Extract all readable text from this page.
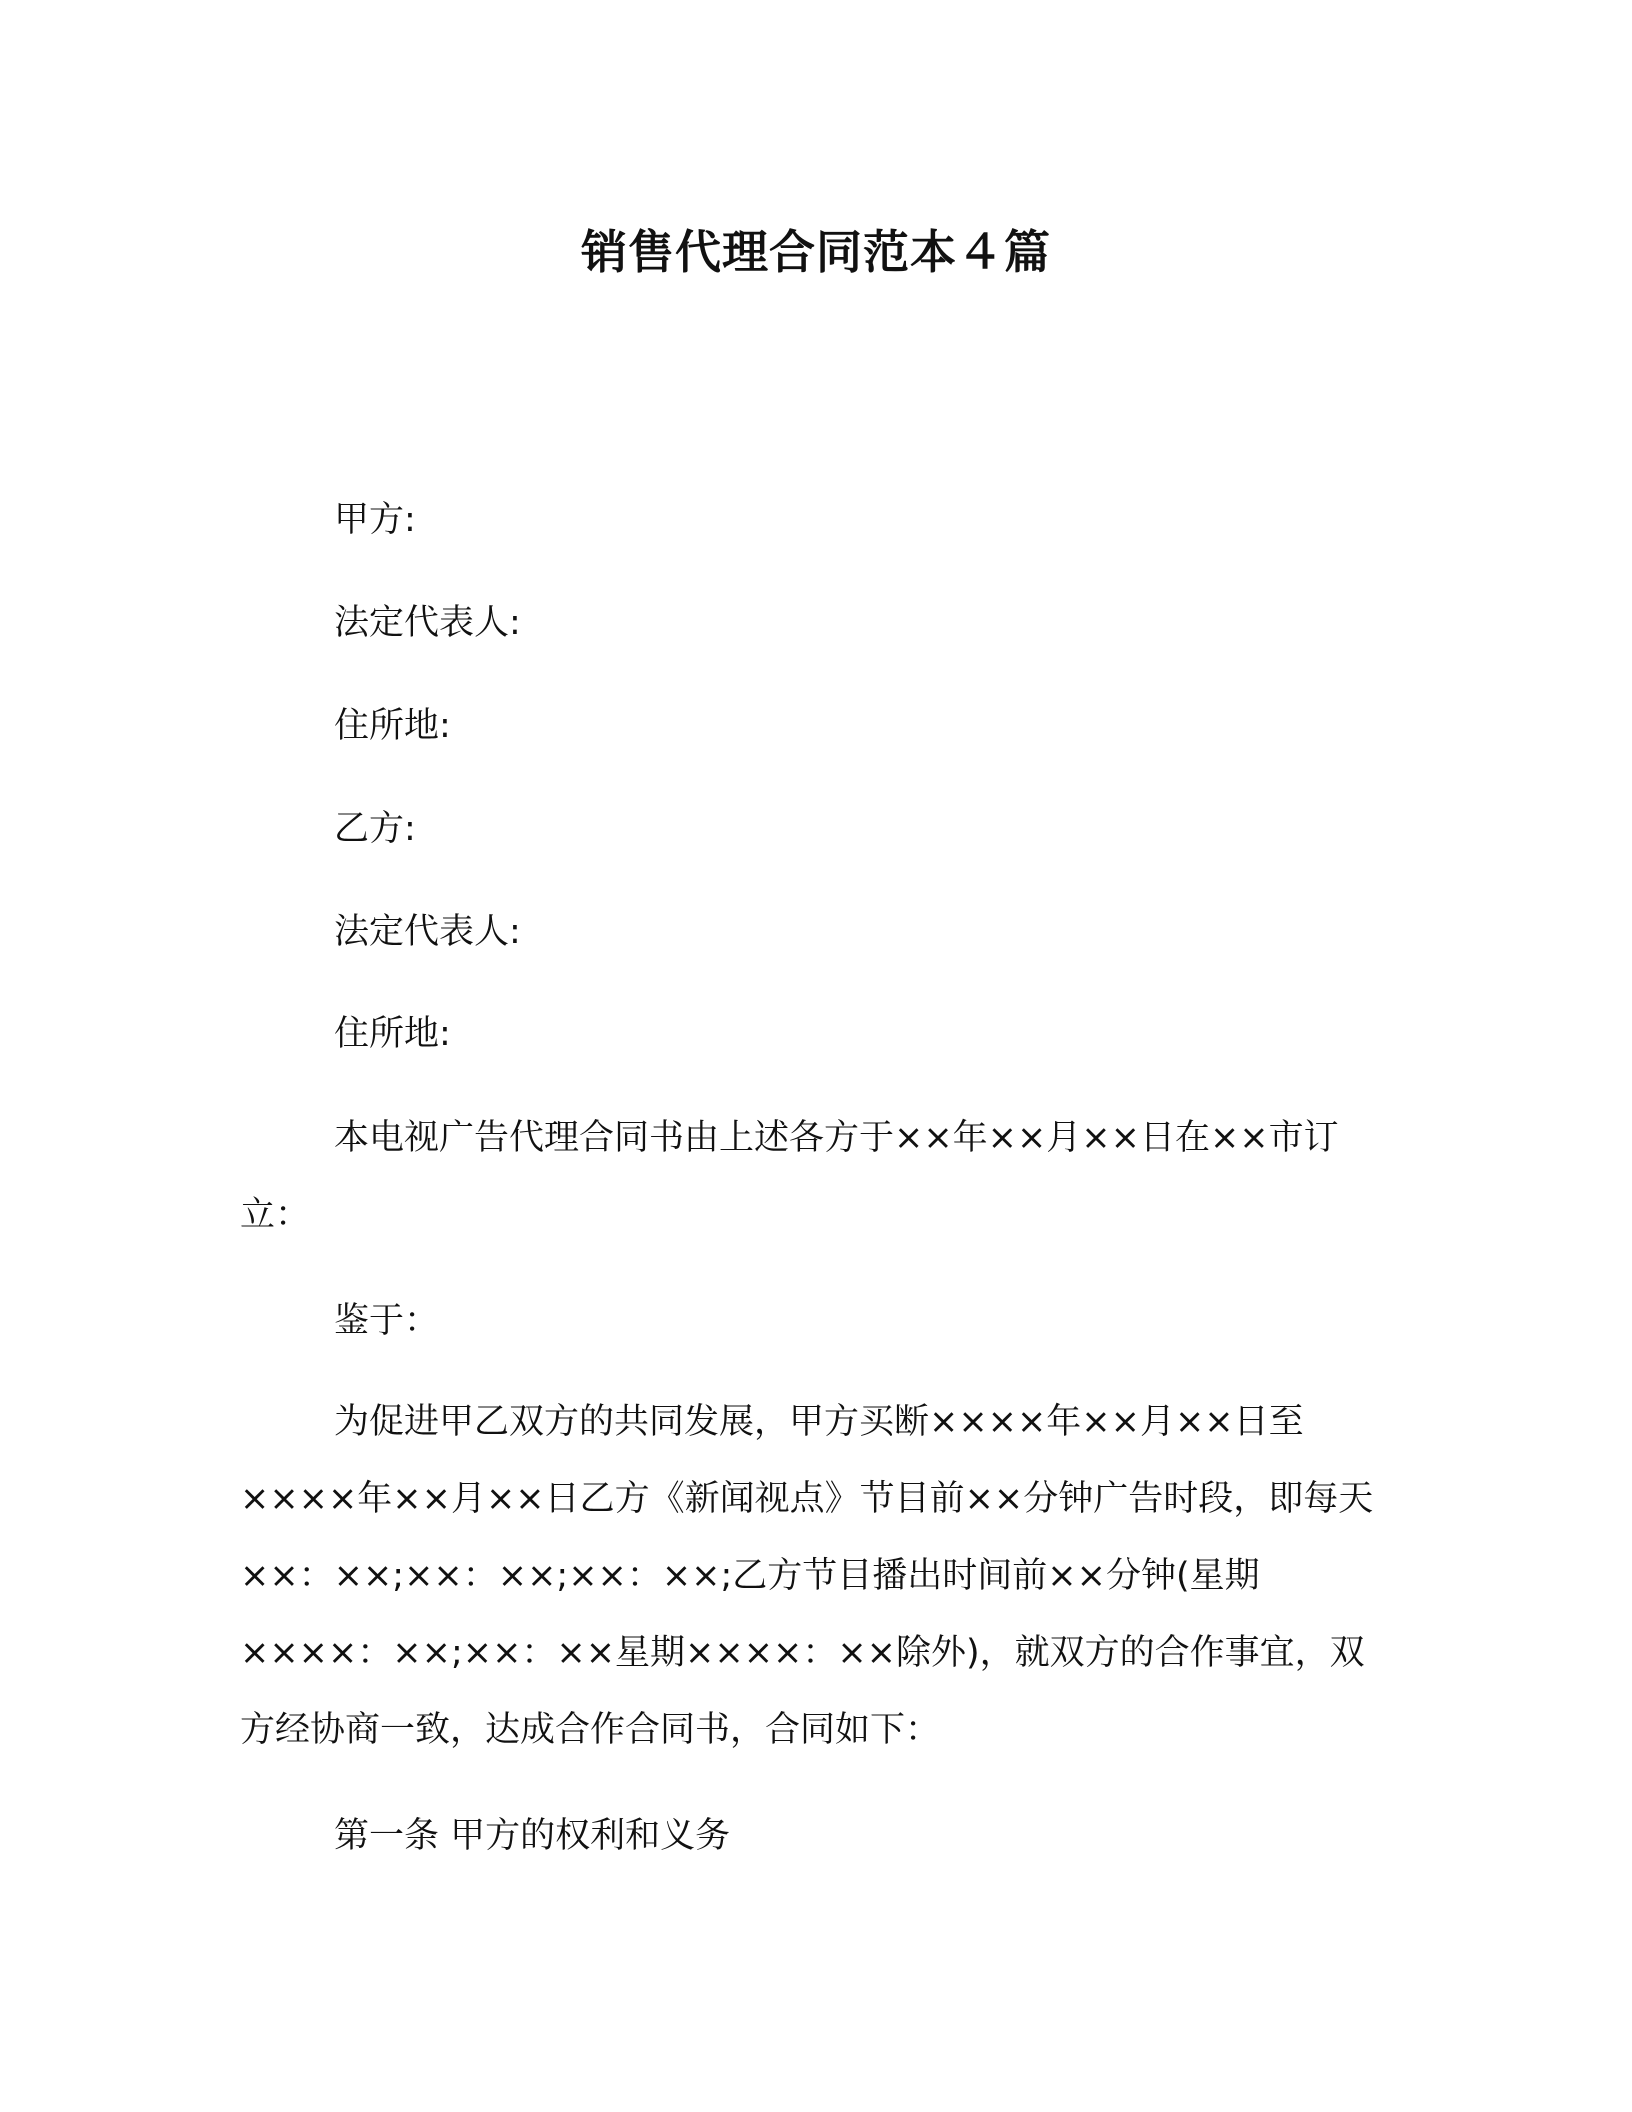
销售代理合同范本４篇
甲方:
法定代表人:
住所地:
乙方:
法定代表人:
住所地:

本电视广告代理合同书由上述各方于××年××月××日在××市订立：

鉴于：

为促进甲乙双方的共同发展，甲方买断××××年××月××日至 ××××年××月××日乙方《新闻视点》节目前××分钟广告时段，即每天××：××;××：××;××：××;乙方节目播出时间前××分钟(星期××××：××;××：××星期××××：××除外)，就双方的合作事宜，双方经协商一致，达成合作合同书，合同如下：

第一条 甲方的权利和义务
